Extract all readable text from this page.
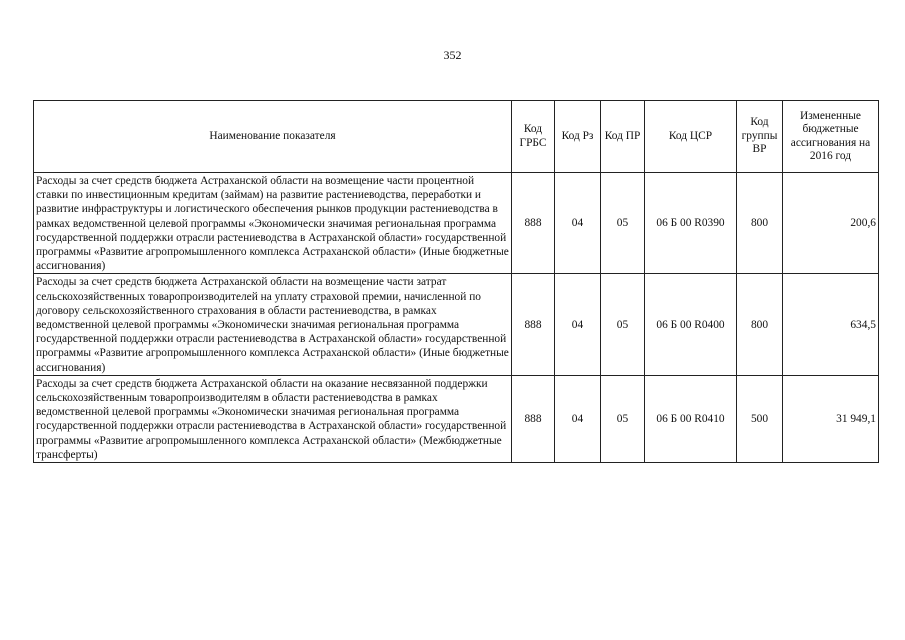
352
Наименование показателя	Код ГРБС	Код Рз	Код ПР	Код ЦСР	Код группы ВР	Измененные бюджетные ассигнования на 2016 год
Расходы за счет средств бюджета Астраханской области на возмещение части процентной ставки по инвестиционным кредитам (займам) на развитие растениеводства, переработки и развитие инфраструктуры и логистического обеспечения рынков продукции растениеводства в рамках ведомственной целевой программы «Экономически значимая региональная программа государственной поддержки отрасли растениеводства в Астраханской области» государственной программы «Развитие агропромышленного комплекса Астраханской области» (Иные бюджетные ассигнования)	888	04	05	06 Б 00 R0390	800	200,6
Расходы за счет средств бюджета Астраханской области на возмещение части затрат сельскохозяйственных товаропроизводителей на уплату страховой премии, начисленной по договору сельскохозяйственного страхования в области растениеводства, в рамках ведомственной целевой программы «Экономически значимая региональная программа государственной поддержки отрасли растениеводства в Астраханской области» государственной программы «Развитие агропромышленного комплекса Астраханской области» (Иные бюджетные ассигнования)	888	04	05	06 Б 00 R0400	800	634,5
Расходы за счет средств бюджета Астраханской области на оказание несвязанной поддержки сельскохозяйственным товаропроизводителям в области растениеводства в рамках ведомственной целевой программы «Экономически значимая региональная программа государственной поддержки отрасли растениеводства в Астраханской области» государственной программы «Развитие агропромышленного комплекса Астраханской области» (Межбюджетные трансферты)	888	04	05	06 Б 00 R0410	500	31 949,1
